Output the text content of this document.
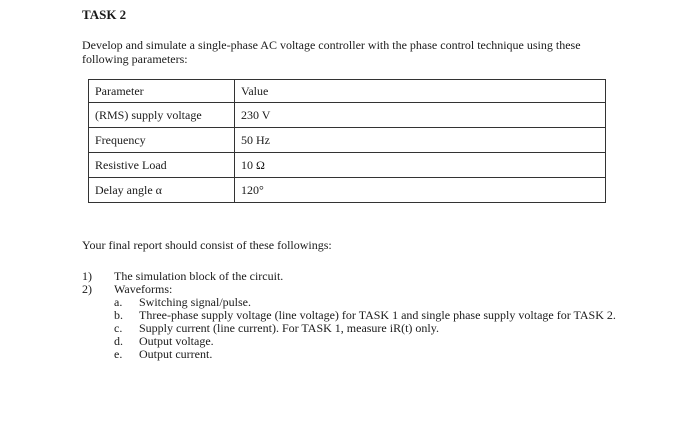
TASK 2
Develop and simulate a single-phase AC voltage controller with the phase control technique using these following parameters:
Parameter	Value
(RMS) supply voltage	230 V
Frequency	50 Hz
Resistive Load	10 Ω
Delay angle α	120°
Your final report should consist of these followings:
1) The simulation block of the circuit.
2) Waveforms:
a. Switching signal/pulse.
b. Three-phase supply voltage (line voltage) for TASK 1 and single phase supply voltage for TASK 2.
c. Supply current (line current). For TASK 1, measure iR(t) only.
d. Output voltage.
e. Output current.
